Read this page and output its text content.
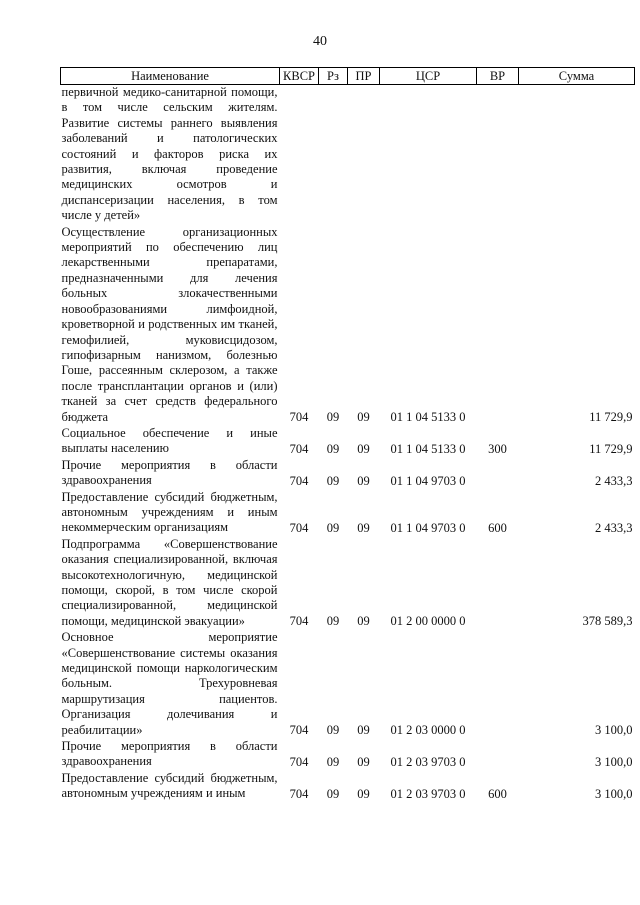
40
Наименование	КВСР	Рз	ПР	ЦСР	ВР	Сумма
первичной медико-санитарной помощи, в том числе сельским жителям. Развитие системы раннего выявления заболеваний и патологических состояний и факторов риска их развития, включая проведение медицинских осмотров и диспансеризации населения, в том числе у детей»						
Осуществление организационных мероприятий по обеспечению лиц лекарственными препаратами, предназначенными для лечения больных злокачественными новообразованиями лимфоидной, кроветворной и родственных им тканей, гемофилией, муковисцидозом, гипофизарным нанизмом, болезнью Гоше, рассеянным склерозом, а также после трансплантации органов и (или) тканей за счет средств федерального бюджета	704	09	09	01 1 04 5133 0		11 729,9
Социальное обеспечение и иные выплаты населению	704	09	09	01 1 04 5133 0	300	11 729,9
Прочие мероприятия в области здравоохранения	704	09	09	01 1 04 9703 0		2 433,3
Предоставление субсидий бюджетным, автономным учреждениям и иным некоммерческим организациям	704	09	09	01 1 04 9703 0	600	2 433,3
Подпрограмма «Совершенствование оказания специализированной, включая высокотехнологичную, медицинской помощи, скорой, в том числе скорой специализированной, медицинской помощи, медицинской эвакуации»	704	09	09	01 2 00 0000 0		378 589,3
Основное мероприятие «Совершенствование системы оказания медицинской помощи наркологическим больным. Трехуровневая маршрутизация пациентов. Организация долечивания и реабилитации»	704	09	09	01 2 03 0000 0		3 100,0
Прочие мероприятия в области здравоохранения	704	09	09	01 2 03 9703 0		3 100,0
Предоставление субсидий бюджетным, автономным учреждениям и иным	704	09	09	01 2 03 9703 0	600	3 100,0
